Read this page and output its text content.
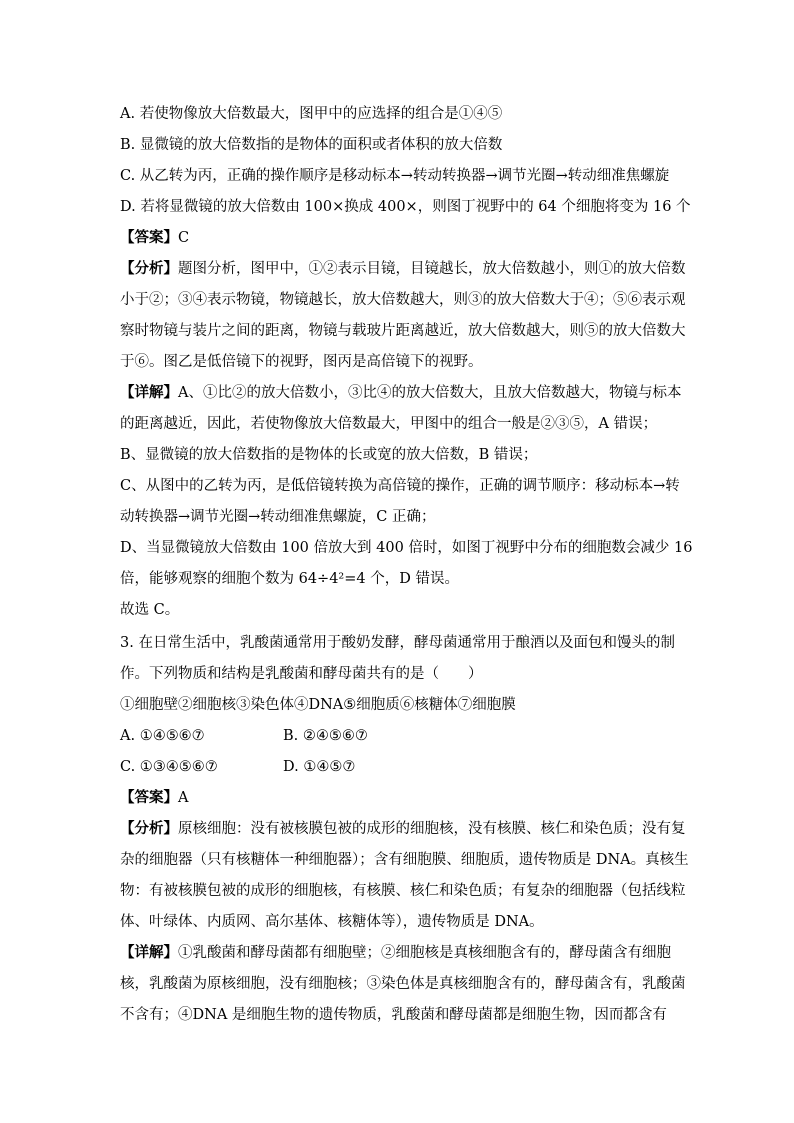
A. 若使物像放大倍数最大，图甲中的应选择的组合是①④⑤
B. 显微镜的放大倍数指的是物体的面积或者体积的放大倍数
C. 从乙转为丙，正确的操作顺序是移动标本→转动转换器→调节光圈→转动细准焦螺旋
D. 若将显微镜的放大倍数由 100×换成 400×，则图丁视野中的 64 个细胞将变为 16 个
【答案】C
【分析】题图分析，图甲中，①②表示目镜，目镜越长，放大倍数越小，则①的放大倍数
小于②；③④表示物镜，物镜越长，放大倍数越大，则③的放大倍数大于④；⑤⑥表示观
察时物镜与装片之间的距离，物镜与载玻片距离越近，放大倍数越大，则⑤的放大倍数大
于⑥。图乙是低倍镜下的视野，图丙是高倍镜下的视野。
【详解】A、①比②的放大倍数小，③比④的放大倍数大，且放大倍数越大，物镜与标本
的距离越近，因此，若使物像放大倍数最大，甲图中的组合一般是②③⑤，A 错误；
B、显微镜的放大倍数指的是物体的长或宽的放大倍数，B 错误；
C、从图中的乙转为丙，是低倍镜转换为高倍镜的操作，正确的调节顺序：移动标本→转
动转换器→调节光圈→转动细准焦螺旋，C 正确；
D、当显微镜放大倍数由 100 倍放大到 400 倍时，如图丁视野中分布的细胞数会减少 16
倍，能够观察的细胞个数为 64÷4²=4 个，D 错误。
故选 C。
3. 在日常生活中，乳酸菌通常用于酸奶发酵，酵母菌通常用于酿酒以及面包和馒头的制
作。下列物质和结构是乳酸菌和酵母菌共有的是（　　）
①细胞壁②细胞核③染色体④DNA⑤细胞质⑥核糖体⑦细胞膜
A. ①④⑤⑥⑦	B. ②④⑤⑥⑦
C. ①③④⑤⑥⑦	D. ①④⑤⑦
【答案】A
【分析】原核细胞：没有被核膜包被的成形的细胞核，没有核膜、核仁和染色质；没有复
杂的细胞器（只有核糖体一种细胞器）；含有细胞膜、细胞质，遗传物质是 DNA。真核生
物：有被核膜包被的成形的细胞核，有核膜、核仁和染色质；有复杂的细胞器（包括线粒
体、叶绿体、内质网、高尔基体、核糖体等），遗传物质是 DNA。
【详解】①乳酸菌和酵母菌都有细胞壁；②细胞核是真核细胞含有的，酵母菌含有细胞
核，乳酸菌为原核细胞，没有细胞核；③染色体是真核细胞含有的，酵母菌含有，乳酸菌
不含有；④DNA 是细胞生物的遗传物质，乳酸菌和酵母菌都是细胞生物，因而都含有
